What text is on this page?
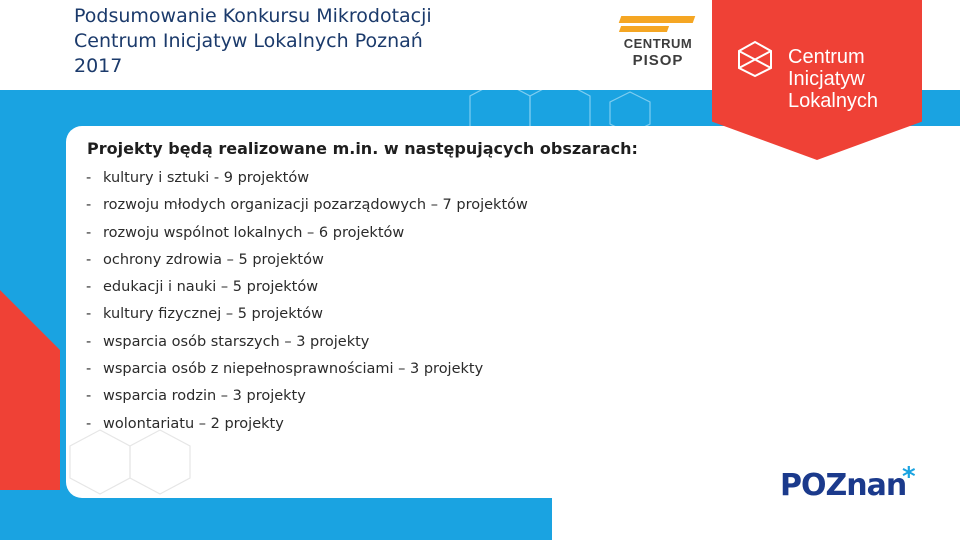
Podsumowanie Konkursu Mikrodotacji
Centrum Inicjatyw Lokalnych Poznań
2017
CENTRUM
PISOP	Centrum
Inicjatyw
Lokalnych
Projekty będą realizowane m.in. w następujących obszarach:
- kultury i sztuki - 9 projektów
- rozwoju młodych organizacji pozarządowych – 7 projektów
- rozwoju wspólnot lokalnych – 6 projektów
- ochrony zdrowia – 5 projektów
- edukacji i nauki – 5 projektów
- kultury fizycznej – 5 projektów
- wsparcia osób starszych – 3 projekty
- wsparcia osób z niepełnosprawnościami – 3 projekty
- wsparcia rodzin – 3 projekty
- wolontariatu – 2 projekty
POZnan
*
